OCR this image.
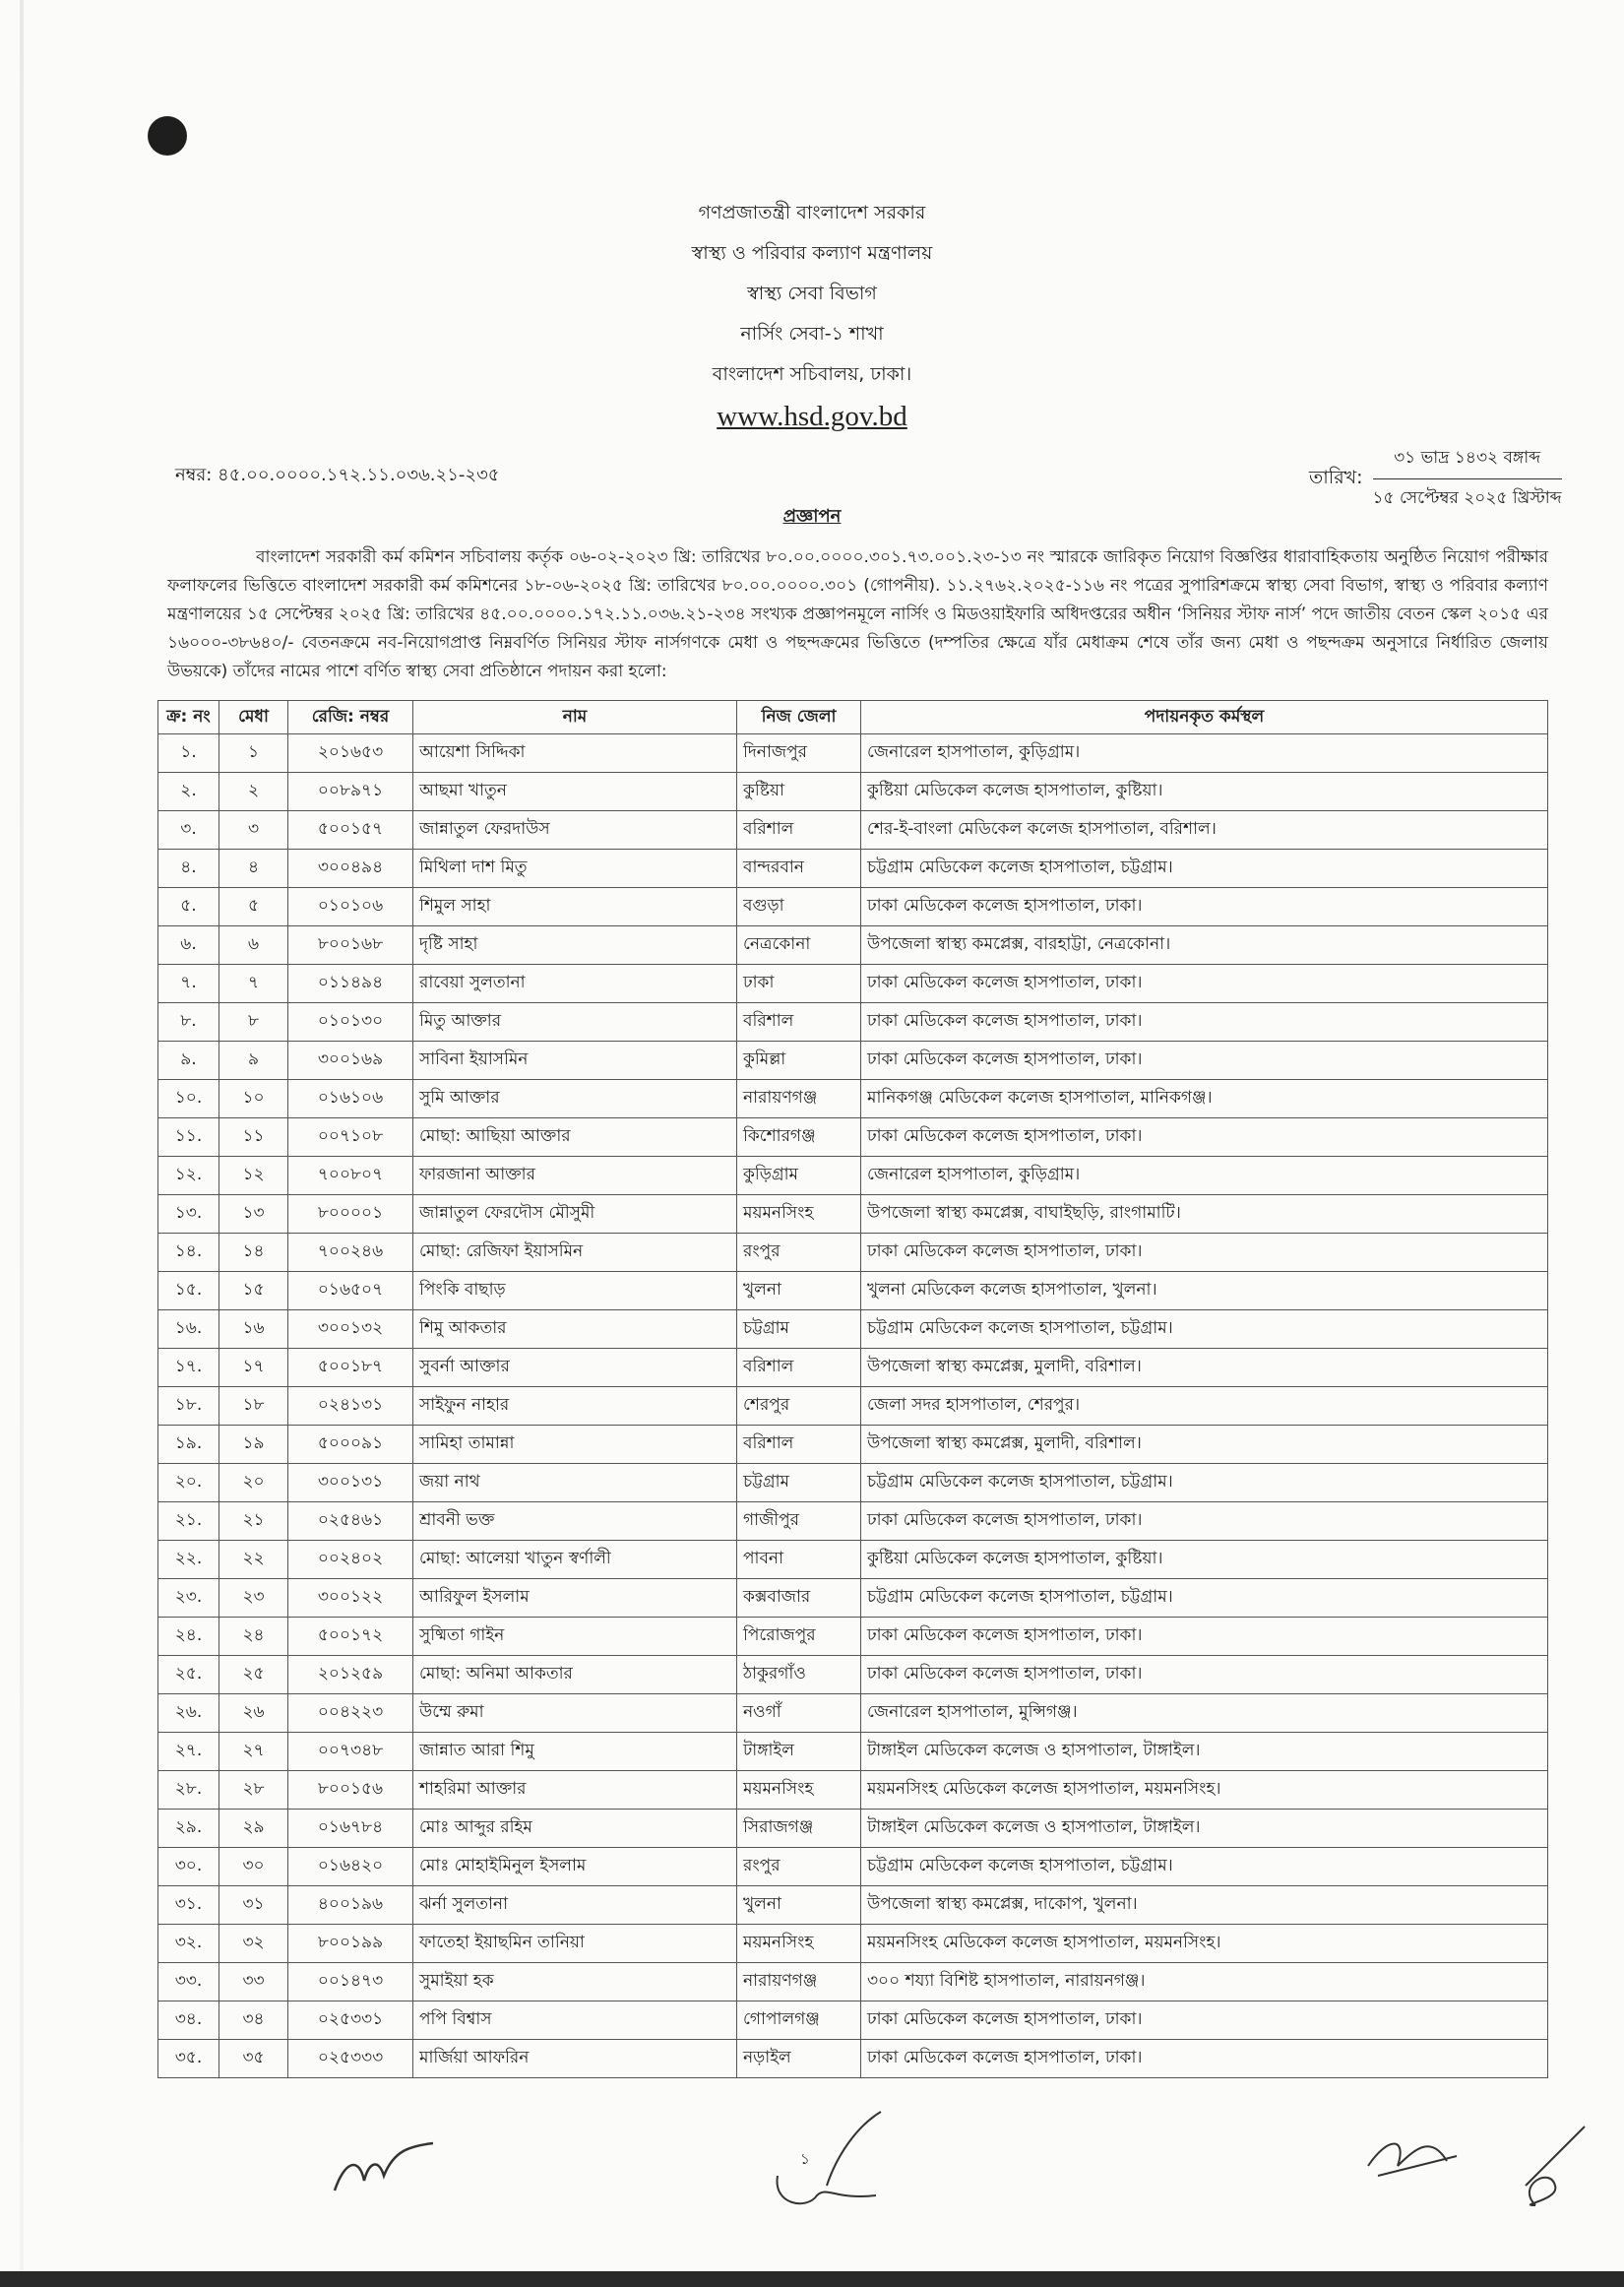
গণপ্রজাতন্ত্রী বাংলাদেশ সরকার
স্বাস্থ্য ও পরিবার কল্যাণ মন্ত্রণালয়
স্বাস্থ্য সেবা বিভাগ
নার্সিং সেবা-১ শাখা
বাংলাদেশ সচিবালয়, ঢাকা।
www.hsd.gov.bd
নম্বর: ৪৫.০০.০০০০.১৭২.১১.০৩৬.২১-২৩৫	তারিখ:
৩১ ভাদ্র ১৪৩২ বঙ্গাব্দ
১৫ সেপ্টেম্বর ২০২৫ খ্রিস্টাব্দ
প্রজ্ঞাপন

বাংলাদেশ সরকারী কর্ম কমিশন সচিবালয় কর্তৃক ০৬-০২-২০২৩ খ্রি: তারিখের ৮০.০০.০০০০.৩০১.৭৩.০০১.২৩-১৩ নং স্মারকে জারিকৃত নিয়োগ বিজ্ঞপ্তির ধারাবাহিকতায় অনুষ্ঠিত নিয়োগ পরীক্ষার ফলাফলের ভিত্তিতে বাংলাদেশ সরকারী কর্ম কমিশনের ১৮-০৬-২০২৫ খ্রি: তারিখের ৮০.০০.০০০০.৩০১ (গোপনীয়). ১১.২৭৬২.২০২৫-১১৬ নং পত্রের সুপারিশক্রমে স্বাস্থ্য সেবা বিভাগ, স্বাস্থ্য ও পরিবার কল্যাণ মন্ত্রণালয়ের ১৫ সেপ্টেম্বর ২০২৫ খ্রি: তারিখের ৪৫.০০.০০০০.১৭২.১১.০৩৬.২১-২৩৪ সংখ্যক প্রজ্ঞাপনমূলে নার্সিং ও মিডওয়াইফারি অধিদপ্তরের অধীন ‘সিনিয়র স্টাফ নার্স’ পদে জাতীয় বেতন স্কেল ২০১৫ এর ১৬০০০-৩৮৬৪০/- বেতনক্রমে নব-নিয়োগপ্রাপ্ত নিম্নবর্ণিত সিনিয়র স্টাফ নার্সগণকে মেধা ও পছন্দক্রমের ভিত্তিতে (দম্পতির ক্ষেত্রে যাঁর মেধাক্রম শেষে তাঁর জন্য মেধা ও পছন্দক্রম অনুসারে নির্ধারিত জেলায় উভয়কে) তাঁদের নামের পাশে বর্ণিত স্বাস্থ্য সেবা প্রতিষ্ঠানে পদায়ন করা হলো:

ক্র: নং	মেধা	রেজি: নম্বর	নাম	নিজ জেলা	পদায়নকৃত কর্মস্থল
১.	১	২০১৬৫৩	আয়েশা সিদ্দিকা	দিনাজপুর	জেনারেল হাসপাতাল, কুড়িগ্রাম।
২.	২	০০৮৯৭১	আছমা খাতুন	কুষ্টিয়া	কুষ্টিয়া মেডিকেল কলেজ হাসপাতাল, কুষ্টিয়া।
৩.	৩	৫০০১৫৭	জান্নাতুল ফেরদাউস	বরিশাল	শের-ই-বাংলা মেডিকেল কলেজ হাসপাতাল, বরিশাল।
৪.	৪	৩০০৪৯৪	মিথিলা দাশ মিতু	বান্দরবান	চট্টগ্রাম মেডিকেল কলেজ হাসপাতাল, চট্টগ্রাম।
৫.	৫	০১০১০৬	শিমুল সাহা	বগুড়া	ঢাকা মেডিকেল কলেজ হাসপাতাল, ঢাকা।
৬.	৬	৮০০১৬৮	দৃষ্টি সাহা	নেত্রকোনা	উপজেলা স্বাস্থ্য কমপ্লেক্স, বারহাট্টা, নেত্রকোনা।
৭.	৭	০১১৪৯৪	রাবেয়া সুলতানা	ঢাকা	ঢাকা মেডিকেল কলেজ হাসপাতাল, ঢাকা।
৮.	৮	০১০১৩০	মিতু আক্তার	বরিশাল	ঢাকা মেডিকেল কলেজ হাসপাতাল, ঢাকা।
৯.	৯	৩০০১৬৯	সাবিনা ইয়াসমিন	কুমিল্লা	ঢাকা মেডিকেল কলেজ হাসপাতাল, ঢাকা।
১০.	১০	০১৬১০৬	সুমি আক্তার	নারায়ণগঞ্জ	মানিকগঞ্জ মেডিকেল কলেজ হাসপাতাল, মানিকগঞ্জ।
১১.	১১	০০৭১০৮	মোছা: আছিয়া আক্তার	কিশোরগঞ্জ	ঢাকা মেডিকেল কলেজ হাসপাতাল, ঢাকা।
১২.	১২	৭০০৮০৭	ফারজানা আক্তার	কুড়িগ্রাম	জেনারেল হাসপাতাল, কুড়িগ্রাম।
১৩.	১৩	৮০০০০১	জান্নাতুল ফেরদৌস মৌসুমী	ময়মনসিংহ	উপজেলা স্বাস্থ্য কমপ্লেক্স, বাঘাইছড়ি, রাংগামাটি।
১৪.	১৪	৭০০২৪৬	মোছা: রেজিফা ইয়াসমিন	রংপুর	ঢাকা মেডিকেল কলেজ হাসপাতাল, ঢাকা।
১৫.	১৫	০১৬৫০৭	পিংকি বাছাড়	খুলনা	খুলনা মেডিকেল কলেজ হাসপাতাল, খুলনা।
১৬.	১৬	৩০০১৩২	শিমু আকতার	চট্টগ্রাম	চট্টগ্রাম মেডিকেল কলেজ হাসপাতাল, চট্টগ্রাম।
১৭.	১৭	৫০০১৮৭	সুবর্না আক্তার	বরিশাল	উপজেলা স্বাস্থ্য কমপ্লেক্স, মুলাদী, বরিশাল।
১৮.	১৮	০২৪১৩১	সাইফুন নাহার	শেরপুর	জেলা সদর হাসপাতাল, শেরপুর।
১৯.	১৯	৫০০০৯১	সামিহা তামান্না	বরিশাল	উপজেলা স্বাস্থ্য কমপ্লেক্স, মুলাদী, বরিশাল।
২০.	২০	৩০০১৩১	জয়া নাথ	চট্টগ্রাম	চট্টগ্রাম মেডিকেল কলেজ হাসপাতাল, চট্টগ্রাম।
২১.	২১	০২৫৪৬১	শ্রাবনী ভক্ত	গাজীপুর	ঢাকা মেডিকেল কলেজ হাসপাতাল, ঢাকা।
২২.	২২	০০২৪০২	মোছা: আলেয়া খাতুন স্বর্ণালী	পাবনা	কুষ্টিয়া মেডিকেল কলেজ হাসপাতাল, কুষ্টিয়া।
২৩.	২৩	৩০০১২২	আরিফুল ইসলাম	কক্সবাজার	চট্টগ্রাম মেডিকেল কলেজ হাসপাতাল, চট্টগ্রাম।
২৪.	২৪	৫০০১৭২	সুষ্মিতা গাইন	পিরোজপুর	ঢাকা মেডিকেল কলেজ হাসপাতাল, ঢাকা।
২৫.	২৫	২০১২৫৯	মোছা: অনিমা আকতার	ঠাকুরগাঁও	ঢাকা মেডিকেল কলেজ হাসপাতাল, ঢাকা।
২৬.	২৬	০০৪২২৩	উম্মে রুমা	নওগাঁ	জেনারেল হাসপাতাল, মুন্সিগঞ্জ।
২৭.	২৭	০০৭৩৪৮	জান্নাত আরা শিমু	টাঙ্গাইল	টাঙ্গাইল মেডিকেল কলেজ ও হাসপাতাল, টাঙ্গাইল।
২৮.	২৮	৮০০১৫৬	শাহরিমা আক্তার	ময়মনসিংহ	ময়মনসিংহ মেডিকেল কলেজ হাসপাতাল, ময়মনসিংহ।
২৯.	২৯	০১৬৭৮৪	মোঃ আব্দুর রহিম	সিরাজগঞ্জ	টাঙ্গাইল মেডিকেল কলেজ ও হাসপাতাল, টাঙ্গাইল।
৩০.	৩০	০১৬৪২০	মোঃ মোহাইমিনুল ইসলাম	রংপুর	চট্টগ্রাম মেডিকেল কলেজ হাসপাতাল, চট্টগ্রাম।
৩১.	৩১	৪০০১৯৬	ঝর্না সুলতানা	খুলনা	উপজেলা স্বাস্থ্য কমপ্লেক্স, দাকোপ, খুলনা।
৩২.	৩২	৮০০১৯৯	ফাতেহা ইয়াছমিন তানিয়া	ময়মনসিংহ	ময়মনসিংহ মেডিকেল কলেজ হাসপাতাল, ময়মনসিংহ।
৩৩.	৩৩	০০১৪৭৩	সুমাইয়া হক	নারায়ণগঞ্জ	৩০০ শয্যা বিশিষ্ট হাসপাতাল, নারায়নগঞ্জ।
৩৪.	৩৪	০২৫৩৩১	পপি বিশ্বাস	গোপালগঞ্জ	ঢাকা মেডিকেল কলেজ হাসপাতাল, ঢাকা।
৩৫.	৩৫	০২৫৩৩৩	মার্জিয়া আফরিন	নড়াইল	ঢাকা মেডিকেল কলেজ হাসপাতাল, ঢাকা।
১
